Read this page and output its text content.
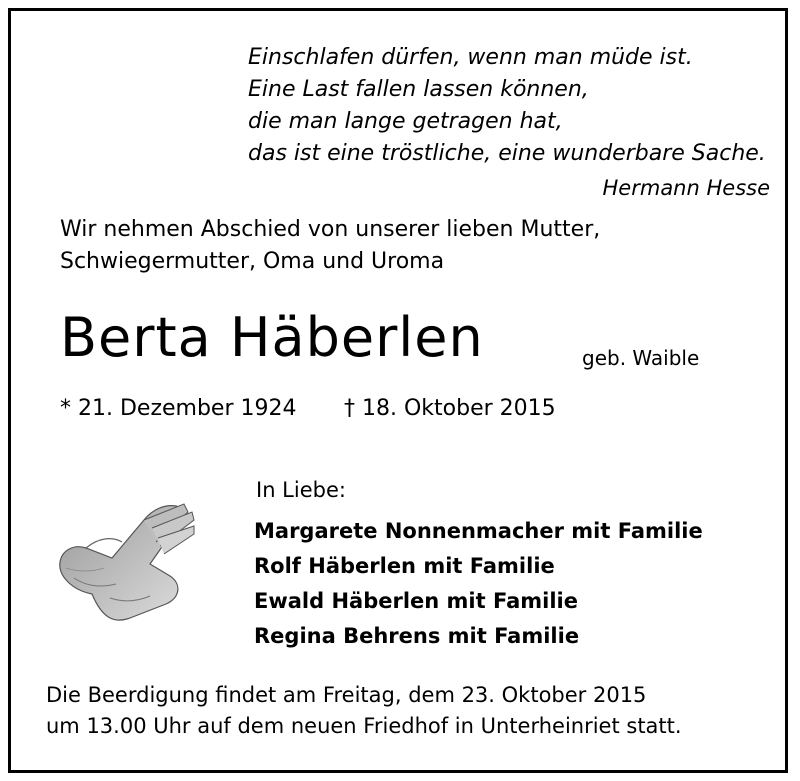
Einschlafen dürfen, wenn man müde ist.
Eine Last fallen lassen können,
die man lange getragen hat,
das ist eine tröstliche, eine wunderbare Sache.
Hermann Hesse
Wir nehmen Abschied von unserer lieben Mutter,
Schwiegermutter, Oma und Uroma
Berta Häberlen	geb. Waible
* 21. Dezember 1924 † 18. Oktober 2015
In Liebe:
Margarete Nonnenmacher mit Familie
Rolf Häberlen mit Familie
Ewald Häberlen mit Familie
Regina Behrens mit Familie
Die Beerdigung findet am Freitag, dem 23. Oktober 2015
um 13.00 Uhr auf dem neuen Friedhof in Unterheinriet statt.
